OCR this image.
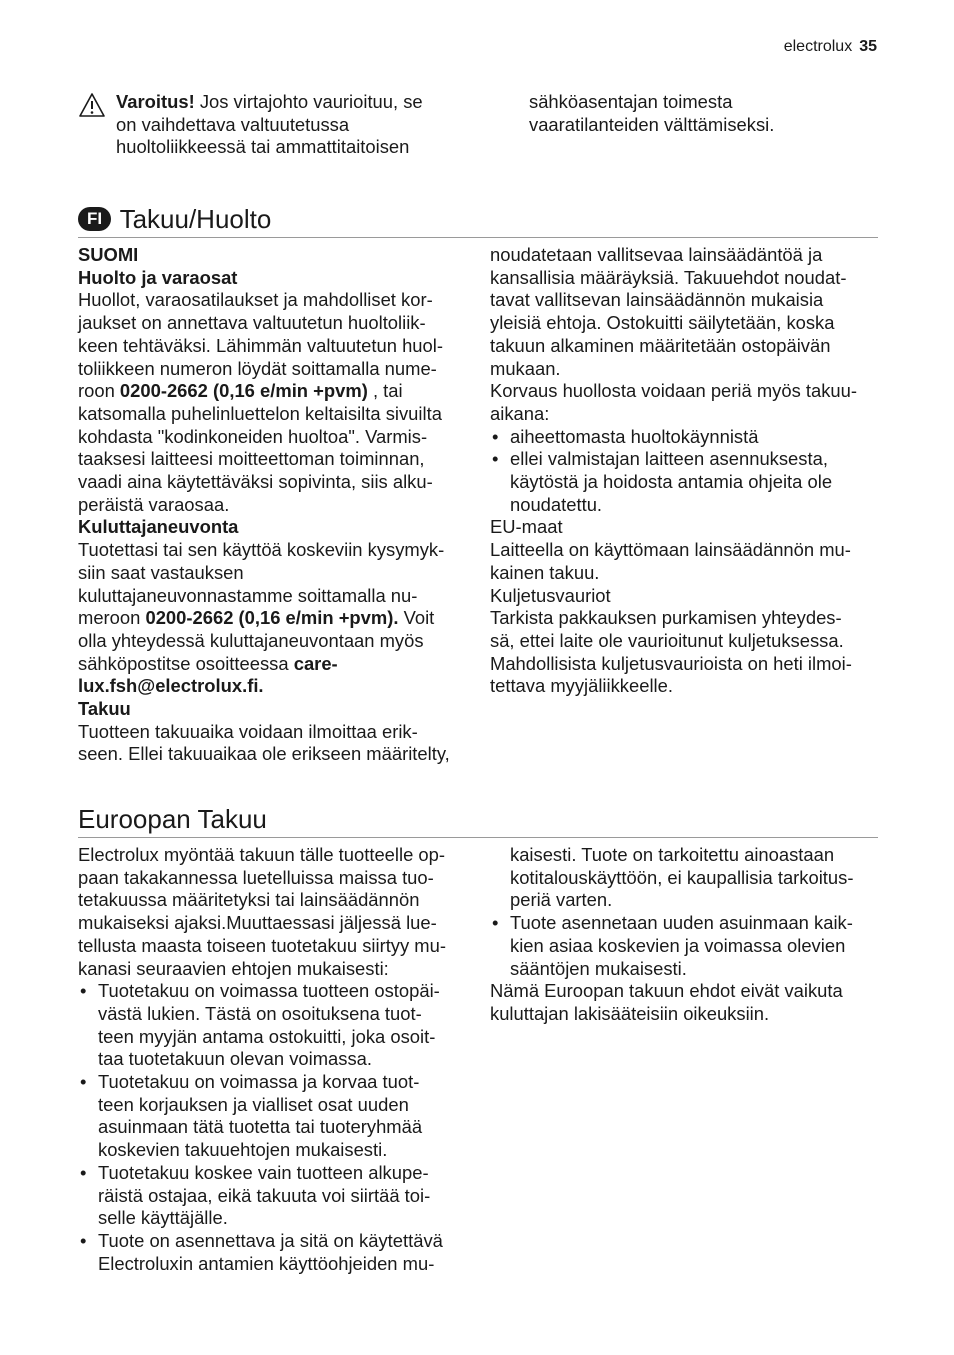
electrolux 35
Varoitus! Jos virtajohto vaurioituu, se
on vaihdettava valtuutetussa
huoltoliikkeessä tai ammattitaitoisen
sähköasentajan toimesta
vaaratilanteiden välttämiseksi.
FI Takuu/Huolto
SUOMI
Huolto ja varaosat
Huollot, varaosatilaukset ja mahdolliset kor-
jaukset on annettava valtuutetun huoltoliik-
keen tehtäväksi. Lähimmän valtuutetun huol-
toliikkeen numeron löydät soittamalla nume-
roon 0200-2662 (0,16 e/min +pvm) , tai
katsomalla puhelinluettelon keltaisilta sivuilta
kohdasta "kodinkoneiden huoltoa". Varmis-
taaksesi laitteesi moitteettoman toiminnan,
vaadi aina käytettäväksi sopivinta, siis alku-
peräistä varaosaa.
Kuluttajaneuvonta
Tuotettasi tai sen käyttöä koskeviin kysymyk-
siin saat vastauksen
kuluttajaneuvonnastamme soittamalla nu-
meroon 0200-2662 (0,16 e/min +pvm). Voit
olla yhteydessä kuluttajaneuvontaan myös
sähköpostitse osoitteessa care-
lux.fsh@electrolux.fi.
Takuu
Tuotteen takuuaika voidaan ilmoittaa erik-
seen. Ellei takuuaikaa ole erikseen määritelty,
noudatetaan vallitsevaa lainsäädäntöä ja
kansallisia määräyksiä. Takuuehdot noudat-
tavat vallitsevan lainsäädännön mukaisia
yleisiä ehtoja. Ostokuitti säilytetään, koska
takuun alkaminen määritetään ostopäivän
mukaan.
Korvaus huollosta voidaan periä myös takuu-
aikana:
• aiheettomasta huoltokäynnistä
• ellei valmistajan laitteen asennuksesta,
käytöstä ja hoidosta antamia ohjeita ole
noudatettu.
EU-maat
Laitteella on käyttömaan lainsäädännön mu-
kainen takuu.
Kuljetusvauriot
Tarkista pakkauksen purkamisen yhteydes-
sä, ettei laite ole vaurioitunut kuljetuksessa.
Mahdollisista kuljetusvaurioista on heti ilmoi-
tettava myyjäliikkeelle.
Euroopan Takuu
Electrolux myöntää takuun tälle tuotteelle op-
paan takakannessa luetelluissa maissa tuo-
tetakuussa määritetyksi tai lainsäädännön
mukaiseksi ajaksi.Muuttaessasi jäljessä lue-
tellusta maasta toiseen tuotetakuu siirtyy mu-
kanasi seuraavien ehtojen mukaisesti:
• Tuotetakuu on voimassa tuotteen ostopäi-
västä lukien. Tästä on osoituksena tuot-
teen myyjän antama ostokuitti, joka osoit-
taa tuotetakuun olevan voimassa.
• Tuotetakuu on voimassa ja korvaa tuot-
teen korjauksen ja vialliset osat uuden
asuinmaan tätä tuotetta tai tuoteryhmää
koskevien takuuehtojen mukaisesti.
• Tuotetakuu koskee vain tuotteen alkupe-
räistä ostajaa, eikä takuuta voi siirtää toi-
selle käyttäjälle.
• Tuote on asennettava ja sitä on käytettävä
Electroluxin antamien käyttöohjeiden mu-
kaisesti. Tuote on tarkoitettu ainoastaan
kotitalouskäyttöön, ei kaupallisia tarkoitus-
periä varten.
• Tuote asennetaan uuden asuinmaan kaik-
kien asiaa koskevien ja voimassa olevien
sääntöjen mukaisesti.
Nämä Euroopan takuun ehdot eivät vaikuta
kuluttajan lakisääteisiin oikeuksiin.
